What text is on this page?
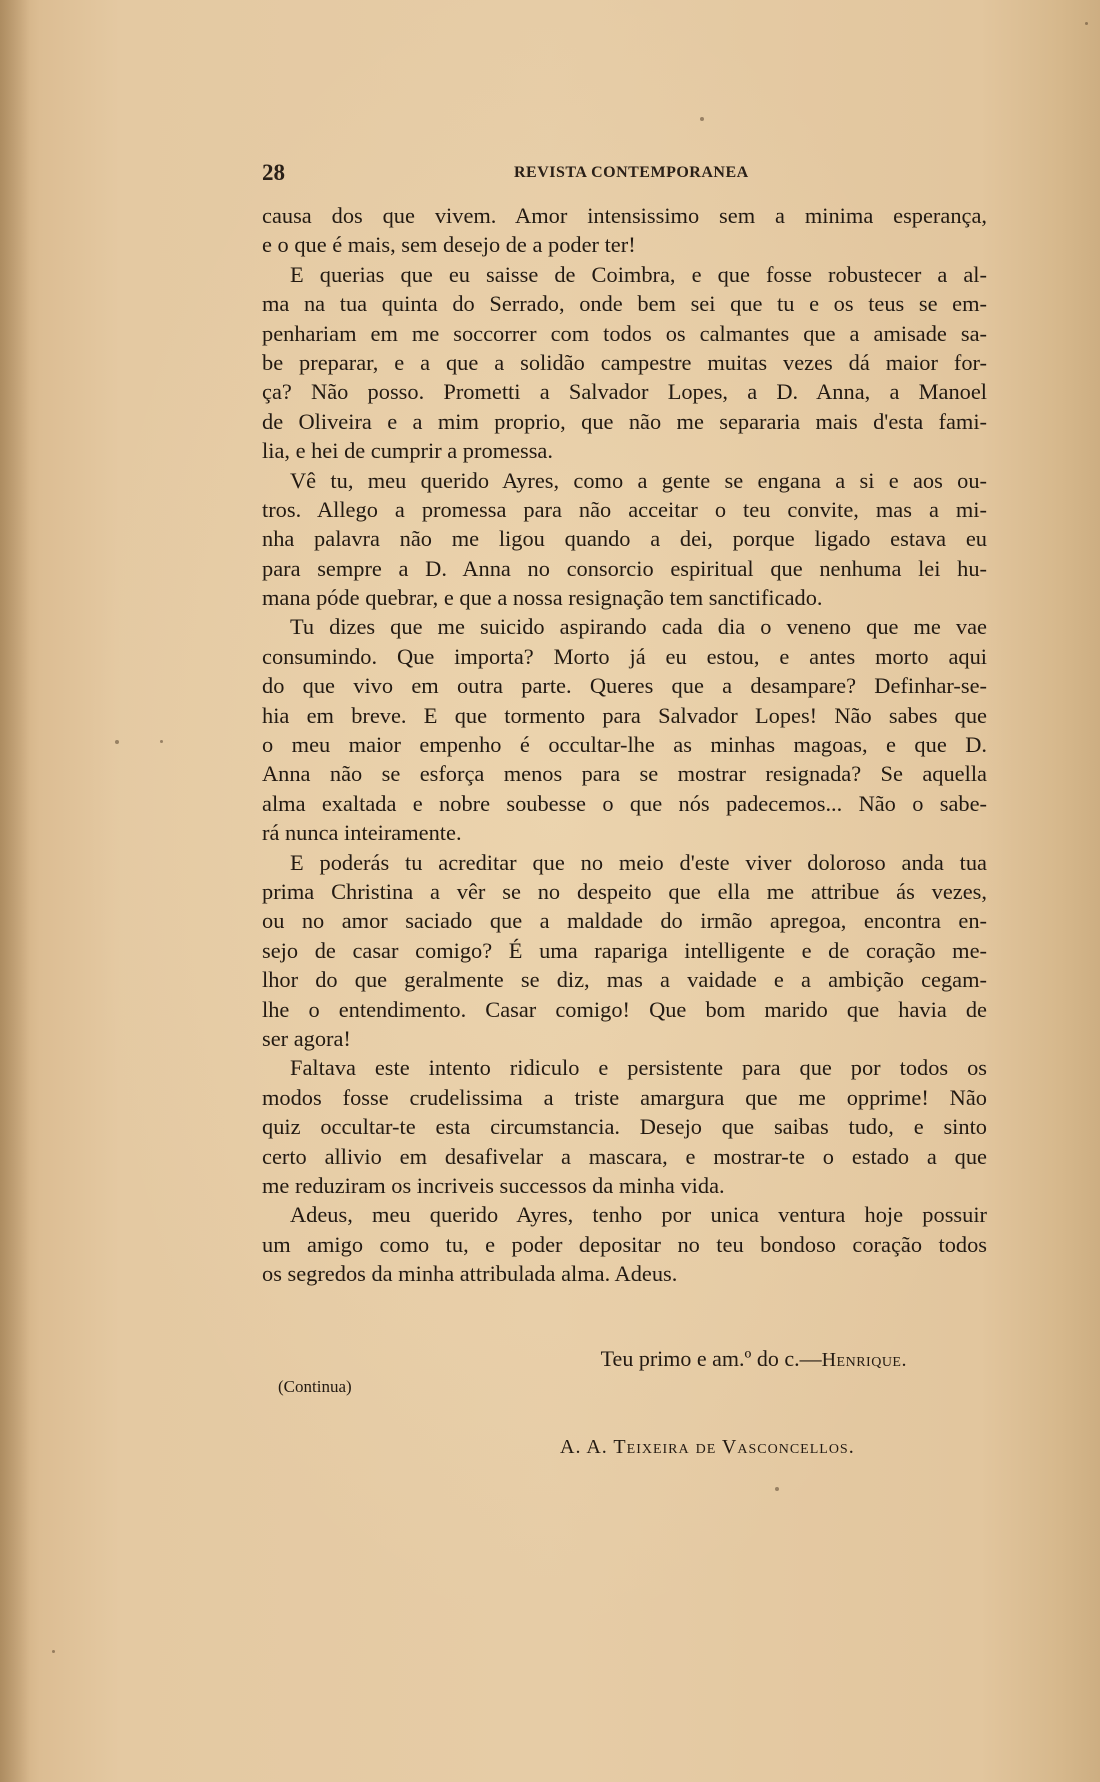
28	REVISTA CONTEMPORANEA
causa dos que vivem. Amor intensissimo sem a minima esperança,
e o que é mais, sem desejo de a poder ter!
E querias que eu saisse de Coimbra, e que fosse robustecer a al-
ma na tua quinta do Serrado, onde bem sei que tu e os teus se em-
penhariam em me soccorrer com todos os calmantes que a amisade sa-
be preparar, e a que a solidão campestre muitas vezes dá maior for-
ça? Não posso. Prometti a Salvador Lopes, a D. Anna, a Manoel
de Oliveira e a mim proprio, que não me separaria mais d'esta fami-
lia, e hei de cumprir a promessa.
Vê tu, meu querido Ayres, como a gente se engana a si e aos ou-
tros. Allego a promessa para não acceitar o teu convite, mas a mi-
nha palavra não me ligou quando a dei, porque ligado estava eu
para sempre a D. Anna no consorcio espiritual que nenhuma lei hu-
mana póde quebrar, e que a nossa resignação tem sanctificado.
Tu dizes que me suicido aspirando cada dia o veneno que me vae
consumindo. Que importa? Morto já eu estou, e antes morto aqui
do que vivo em outra parte. Queres que a desampare? Definhar-se-
hia em breve. E que tormento para Salvador Lopes! Não sabes que
o meu maior empenho é occultar-lhe as minhas magoas, e que D.
Anna não se esforça menos para se mostrar resignada? Se aquella
alma exaltada e nobre soubesse o que nós padecemos... Não o sabe-
rá nunca inteiramente.
E poderás tu acreditar que no meio d'este viver doloroso anda tua
prima Christina a vêr se no despeito que ella me attribue ás vezes,
ou no amor saciado que a maldade do irmão apregoa, encontra en-
sejo de casar comigo? É uma rapariga intelligente e de coração me-
lhor do que geralmente se diz, mas a vaidade e a ambição cegam-
lhe o entendimento. Casar comigo! Que bom marido que havia de
ser agora!
Faltava este intento ridiculo e persistente para que por todos os
modos fosse crudelissima a triste amargura que me opprime! Não
quiz occultar-te esta circumstancia. Desejo que saibas tudo, e sinto
certo allivio em desafivelar a mascara, e mostrar-te o estado a que
me reduziram os incriveis successos da minha vida.
Adeus, meu querido Ayres, tenho por unica ventura hoje possuir
um amigo como tu, e poder depositar no teu bondoso coração todos
os segredos da minha attribulada alma. Adeus.
Teu primo e am.º do c.—Henrique.
(Continua)
A. A. Teixeira de Vasconcellos.
